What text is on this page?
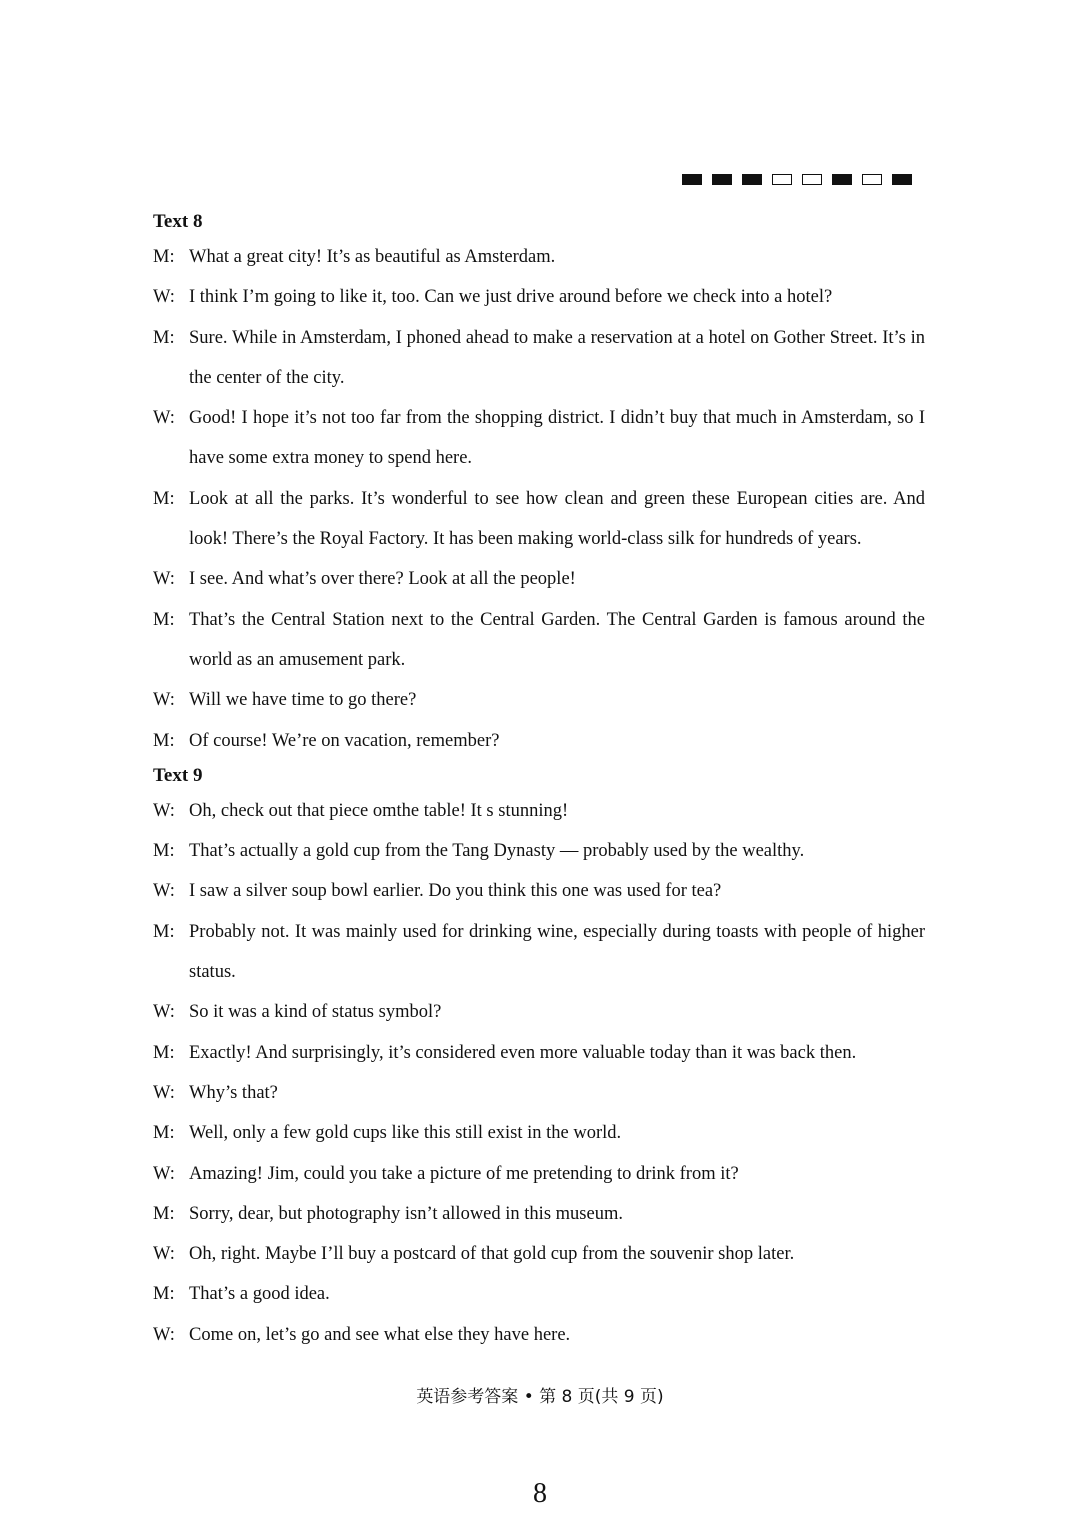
Text 8

M: What a great city! It’s as beautiful as Amsterdam.

W: I think I’m going to like it, too. Can we just drive around before we check into a hotel?

M: Sure. While in Amsterdam, I phoned ahead to make a reservation at a hotel on Gother Street. It’s in the center of the city.

W: Good! I hope it’s not too far from the shopping district. I didn’t buy that much in Amsterdam, so I have some extra money to spend here.

M: Look at all the parks. It’s wonderful to see how clean and green these European cities are. And look! There’s the Royal Factory. It has been making world-class silk for hundreds of years.

W: I see. And what’s over there? Look at all the people!

M: That’s the Central Station next to the Central Garden. The Central Garden is famous around the world as an amusement park.

W: Will we have time to go there?

M: Of course! We’re on vacation, remember?

Text 9

W: Oh, check out that piece omthe table! It s stunning!

M: That’s actually a gold cup from the Tang Dynasty — probably used by the wealthy.

W: I saw a silver soup bowl earlier. Do you think this one was used for tea?

M: Probably not. It was mainly used for drinking wine, especially during toasts with people of higher status.

W: So it was a kind of status symbol?

M: Exactly! And surprisingly, it’s considered even more valuable today than it was back then.

W: Why’s that?

M: Well, only a few gold cups like this still exist in the world.

W: Amazing! Jim, could you take a picture of me pretending to drink from it?

M: Sorry, dear, but photography isn’t allowed in this museum.

W: Oh, right. Maybe I’ll buy a postcard of that gold cup from the souvenir shop later.

M: That’s a good idea.

W: Come on, let’s go and see what else they have here.

英语参考答案 • 第 8 页(共 9 页)
8
